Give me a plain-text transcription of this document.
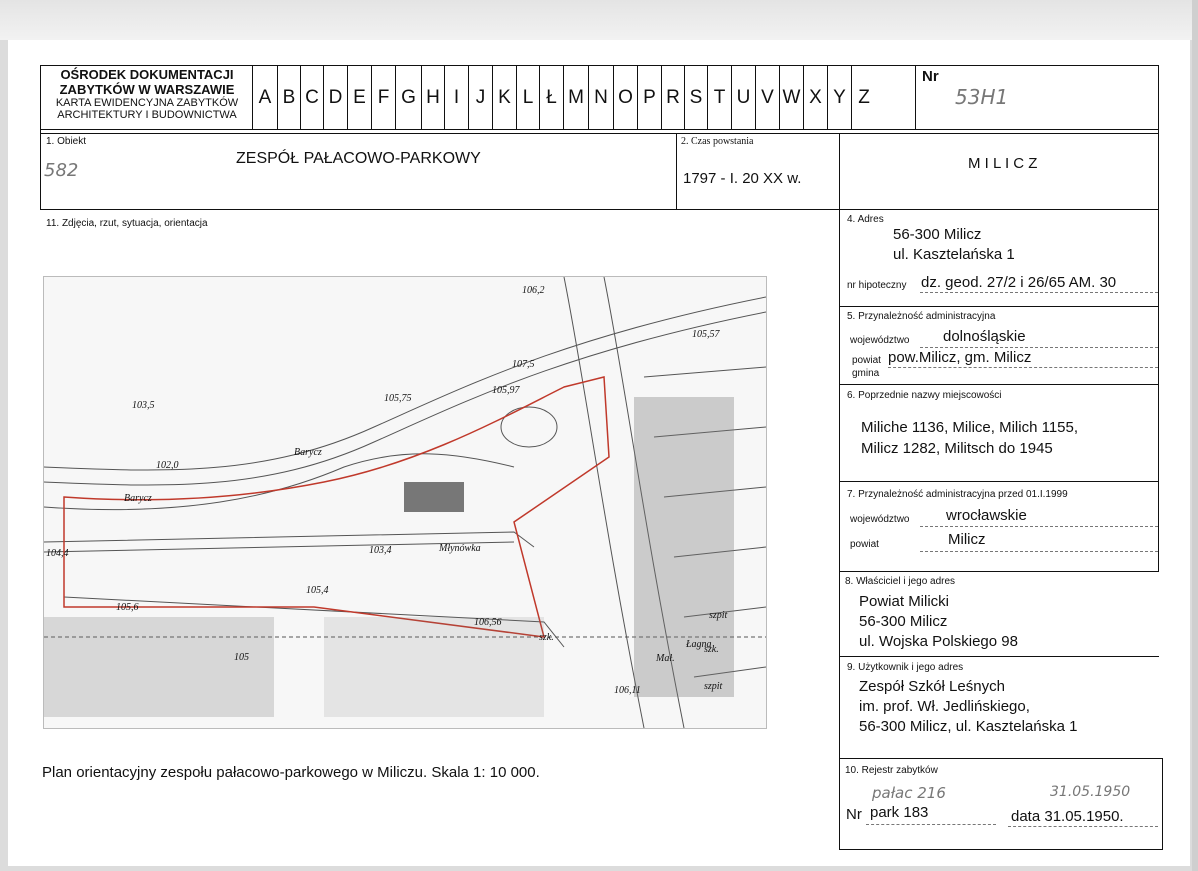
OŚRODEK DOKUMENTACJI
ZABYTKÓW W WARSZAWIE
KARTA EWIDENCYJNA ZABYTKÓW
ARCHITEKTURY I BUDOWNICTWA
A B C D E F G H I J K L Ł M N O P R S T U V W X Y Z
Nr
53H1
1. Obiekt
582
ZESPÓŁ PAŁACOWO-PARKOWY
2. Czas powstania
1797 - I. 20 XX w.
M I L I C Z
11. Zdjęcia, rzut, sytuacja, orientacja	4. Adres
56-300 Milicz
ul. Kasztelańska 1
nr hipoteczny dz. geod. 27/2 i 26/65 AM. 30
5. Przynależność administracyjna
województwo dolnośląskie
powiat pow.Milicz, gm. Milicz
gmina
6. Poprzednie nazwy miejscowości
Miliche 1136, Milice, Milich 1155,
Milicz 1282, Militsch do 1945
7. Przynależność administracyjna przed 01.I.1999
województwo wrocławskie
powiat	Milicz
8. Właściciel i jego adres
Powiat Milicki
56-300 Milicz
ul. Wojska Polskiego 98
9. Użytkownik i jego adres
Zespół Szkół Leśnych
im. prof. Wł. Jedlińskiego,
56-300 Milicz, ul. Kasztelańska 1
10. Rejestr zabytków
pałac 216	31.05.1950
Nr park 183	data 31.05.1950.
106,2
105,57
105,97
107,5
105,75
103,5
102,0
Barycz
Barycz
Młynówka
103,4
105,4
104,4
105,6
106,56
106,11
szk.
szpit
szk.
szpit
Mał.
Łagna
105
Plan orientacyjny zespołu pałacowo-parkowego w Miliczu. Skala 1: 10 000.
